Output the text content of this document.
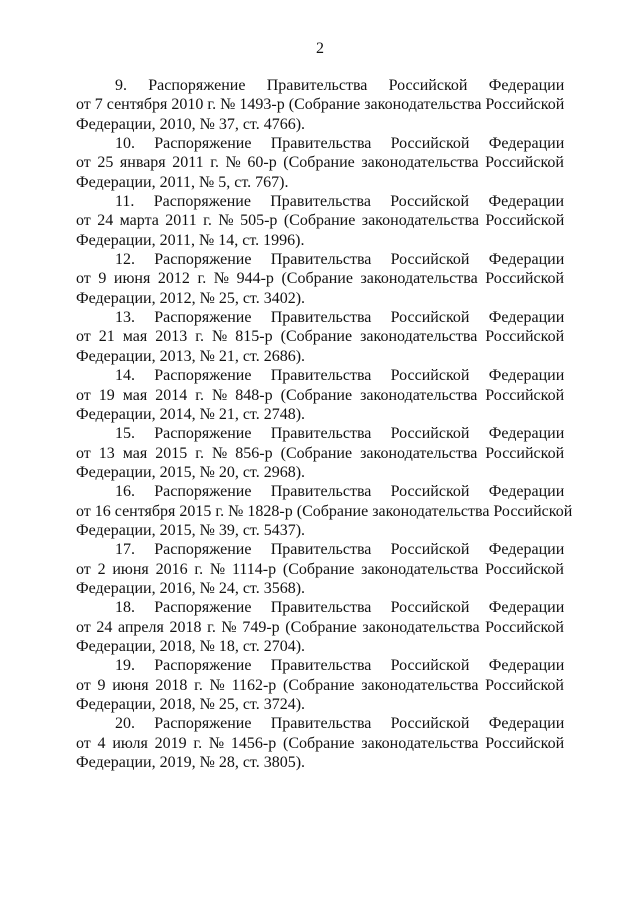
2
9. Распоряжение Правительства Российской Федерации
от 7 сентября 2010 г. № 1493-р (Собрание законодательства Российской
Федерации, 2010, № 37, ст. 4766).
10. Распоряжение Правительства Российской Федерации
от 25 января 2011 г. № 60-р (Собрание законодательства Российской
Федерации, 2011, № 5, ст. 767).
11. Распоряжение Правительства Российской Федерации
от 24 марта 2011 г. № 505-р (Собрание законодательства Российской
Федерации, 2011, № 14, ст. 1996).
12. Распоряжение Правительства Российской Федерации
от 9 июня 2012 г. № 944-р (Собрание законодательства Российской
Федерации, 2012, № 25, ст. 3402).
13. Распоряжение Правительства Российской Федерации
от 21 мая 2013 г. № 815-р (Собрание законодательства Российской
Федерации, 2013, № 21, ст. 2686).
14. Распоряжение Правительства Российской Федерации
от 19 мая 2014 г. № 848-р (Собрание законодательства Российской
Федерации, 2014, № 21, ст. 2748).
15. Распоряжение Правительства Российской Федерации
от 13 мая 2015 г. № 856-р (Собрание законодательства Российской
Федерации, 2015, № 20, ст. 2968).
16. Распоряжение Правительства Российской Федерации
от 16 сентября 2015 г. № 1828-р (Собрание законодательства Российской
Федерации, 2015, № 39, ст. 5437).
17. Распоряжение Правительства Российской Федерации
от 2 июня 2016 г. № 1114-р (Собрание законодательства Российской
Федерации, 2016, № 24, ст. 3568).
18. Распоряжение Правительства Российской Федерации
от 24 апреля 2018 г. № 749-р (Собрание законодательства Российской
Федерации, 2018, № 18, ст. 2704).
19. Распоряжение Правительства Российской Федерации
от 9 июня 2018 г. № 1162-р (Собрание законодательства Российской
Федерации, 2018, № 25, ст. 3724).
20. Распоряжение Правительства Российской Федерации
от 4 июля 2019 г. № 1456-р (Собрание законодательства Российской
Федерации, 2019, № 28, ст. 3805).
